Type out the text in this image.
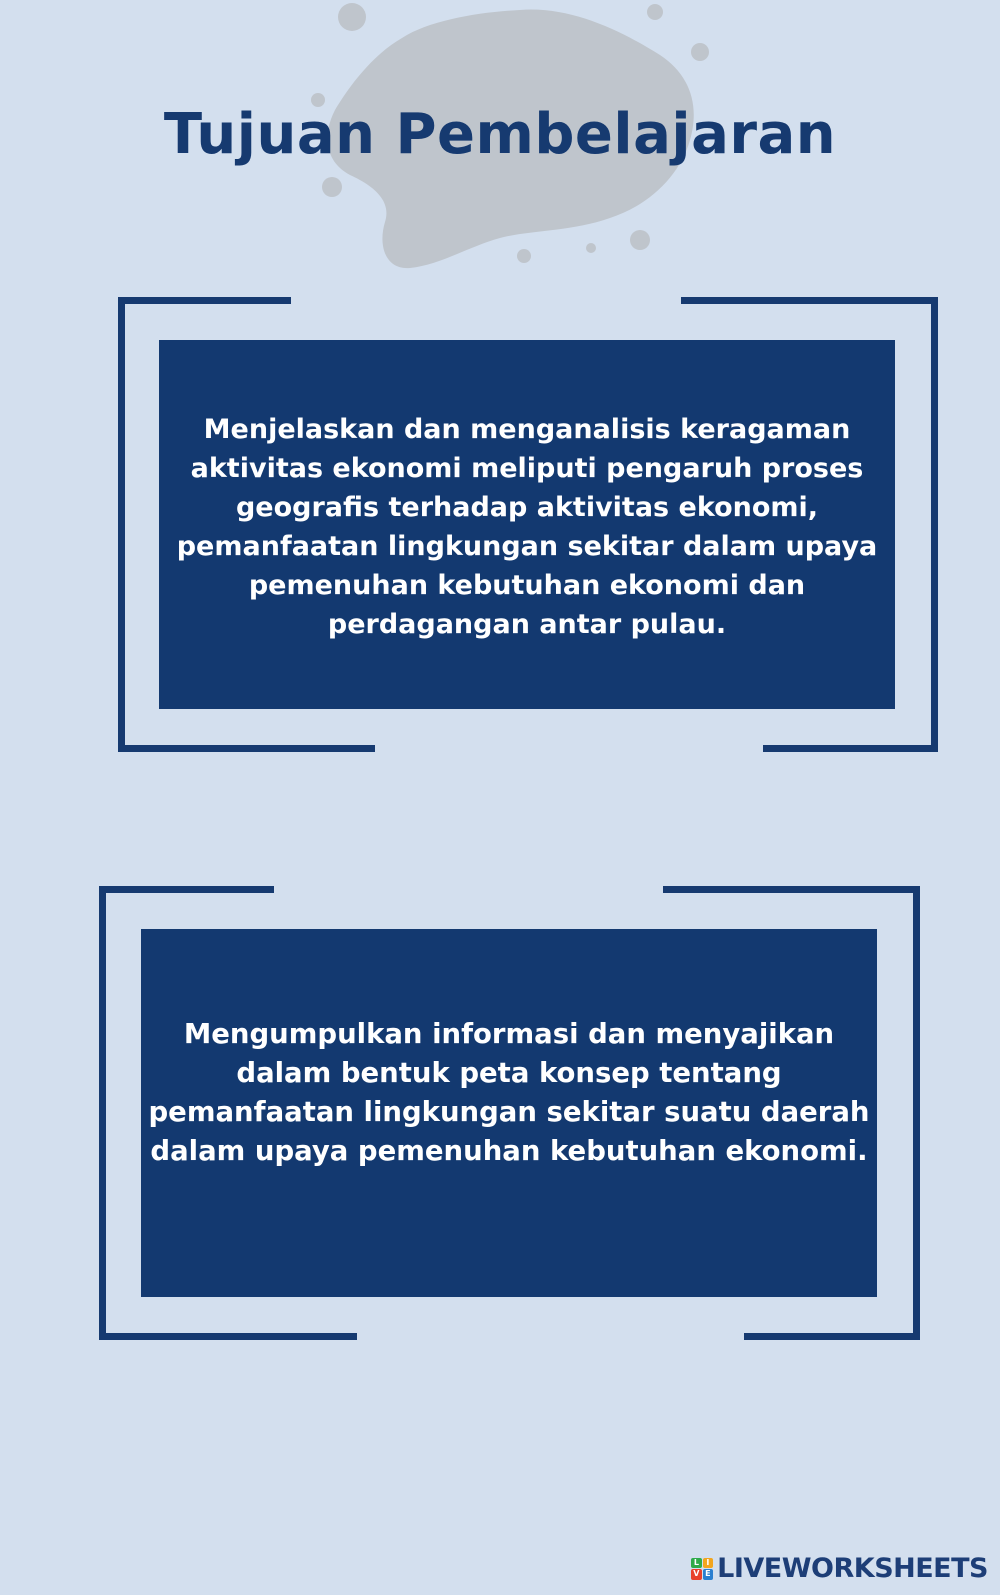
Tujuan Pembelajaran

Menjelaskan dan menganalisis keragaman aktivitas ekonomi meliputi pengaruh proses geografis terhadap aktivitas ekonomi, pemanfaatan lingkungan sekitar dalam upaya pemenuhan kebutuhan ekonomi dan perdagangan antar pulau.

Mengumpulkan informasi dan menyajikan dalam bentuk peta konsep tentang pemanfaatan lingkungan sekitar suatu daerah dalam upaya pemenuhan kebutuhan ekonomi.

L I
V E LIVEWORKSHEETS
